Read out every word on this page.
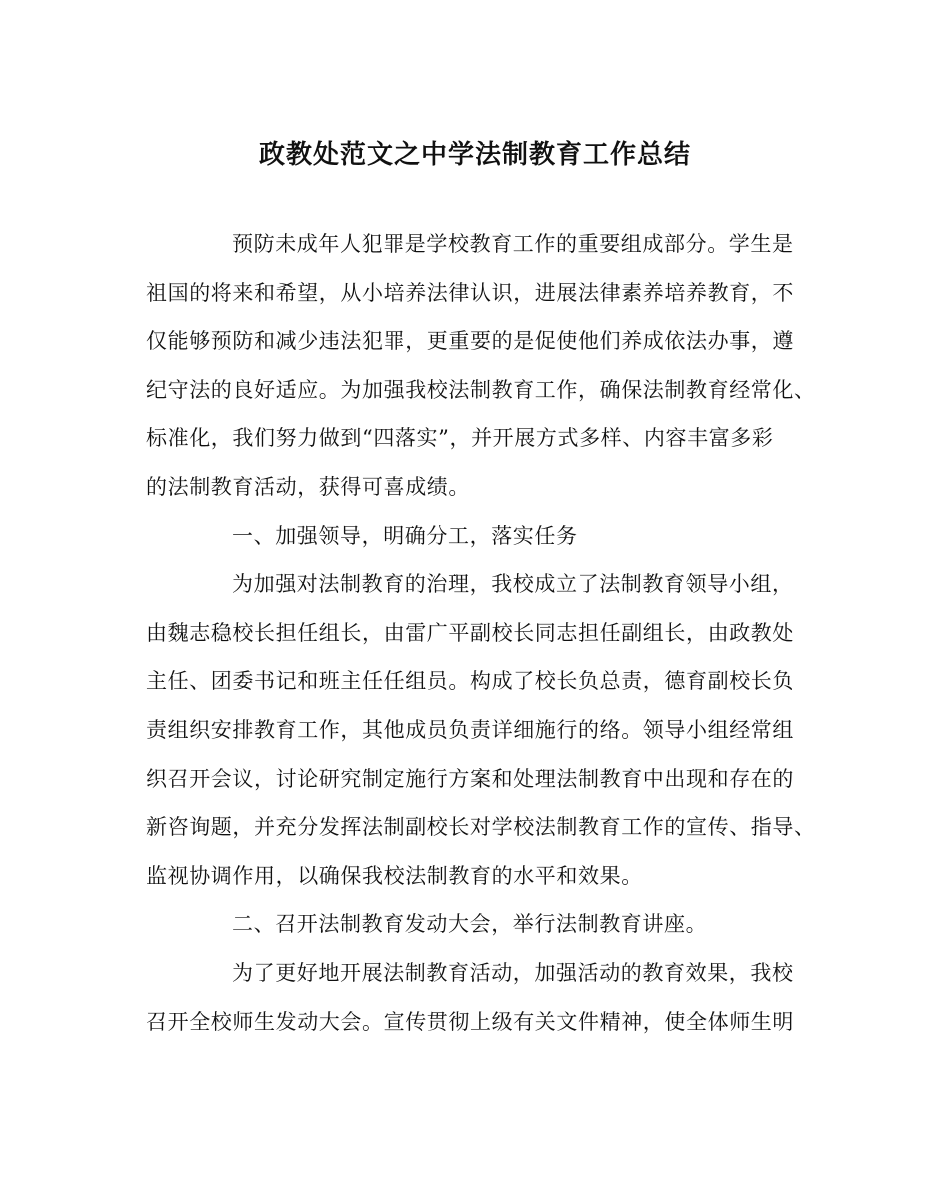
政教处范文之中学法制教育工作总结
预防未成年人犯罪是学校教育工作的重要组成部分。学生是
祖国的将来和希望，从小培养法律认识，进展法律素养培养教育，不
仅能够预防和减少违法犯罪，更重要的是促使他们养成依法办事，遵
纪守法的良好适应。为加强我校法制教育工作，确保法制教育经常化、
标准化，我们努力做到“四落实”，并开展方式多样、内容丰富多彩
的法制教育活动，获得可喜成绩。
一、加强领导，明确分工，落实任务
为加强对法制教育的治理，我校成立了法制教育领导小组，
由魏志稳校长担任组长，由雷广平副校长同志担任副组长，由政教处
主任、团委书记和班主任任组员。构成了校长负总责，德育副校长负
责组织安排教育工作，其他成员负责详细施行的络。领导小组经常组
织召开会议，讨论研究制定施行方案和处理法制教育中出现和存在的
新咨询题，并充分发挥法制副校长对学校法制教育工作的宣传、指导、
监视协调作用，以确保我校法制教育的水平和效果。
二、召开法制教育发动大会，举行法制教育讲座。
为了更好地开展法制教育活动，加强活动的教育效果，我校
召开全校师生发动大会。宣传贯彻上级有关文件精神，使全体师生明
